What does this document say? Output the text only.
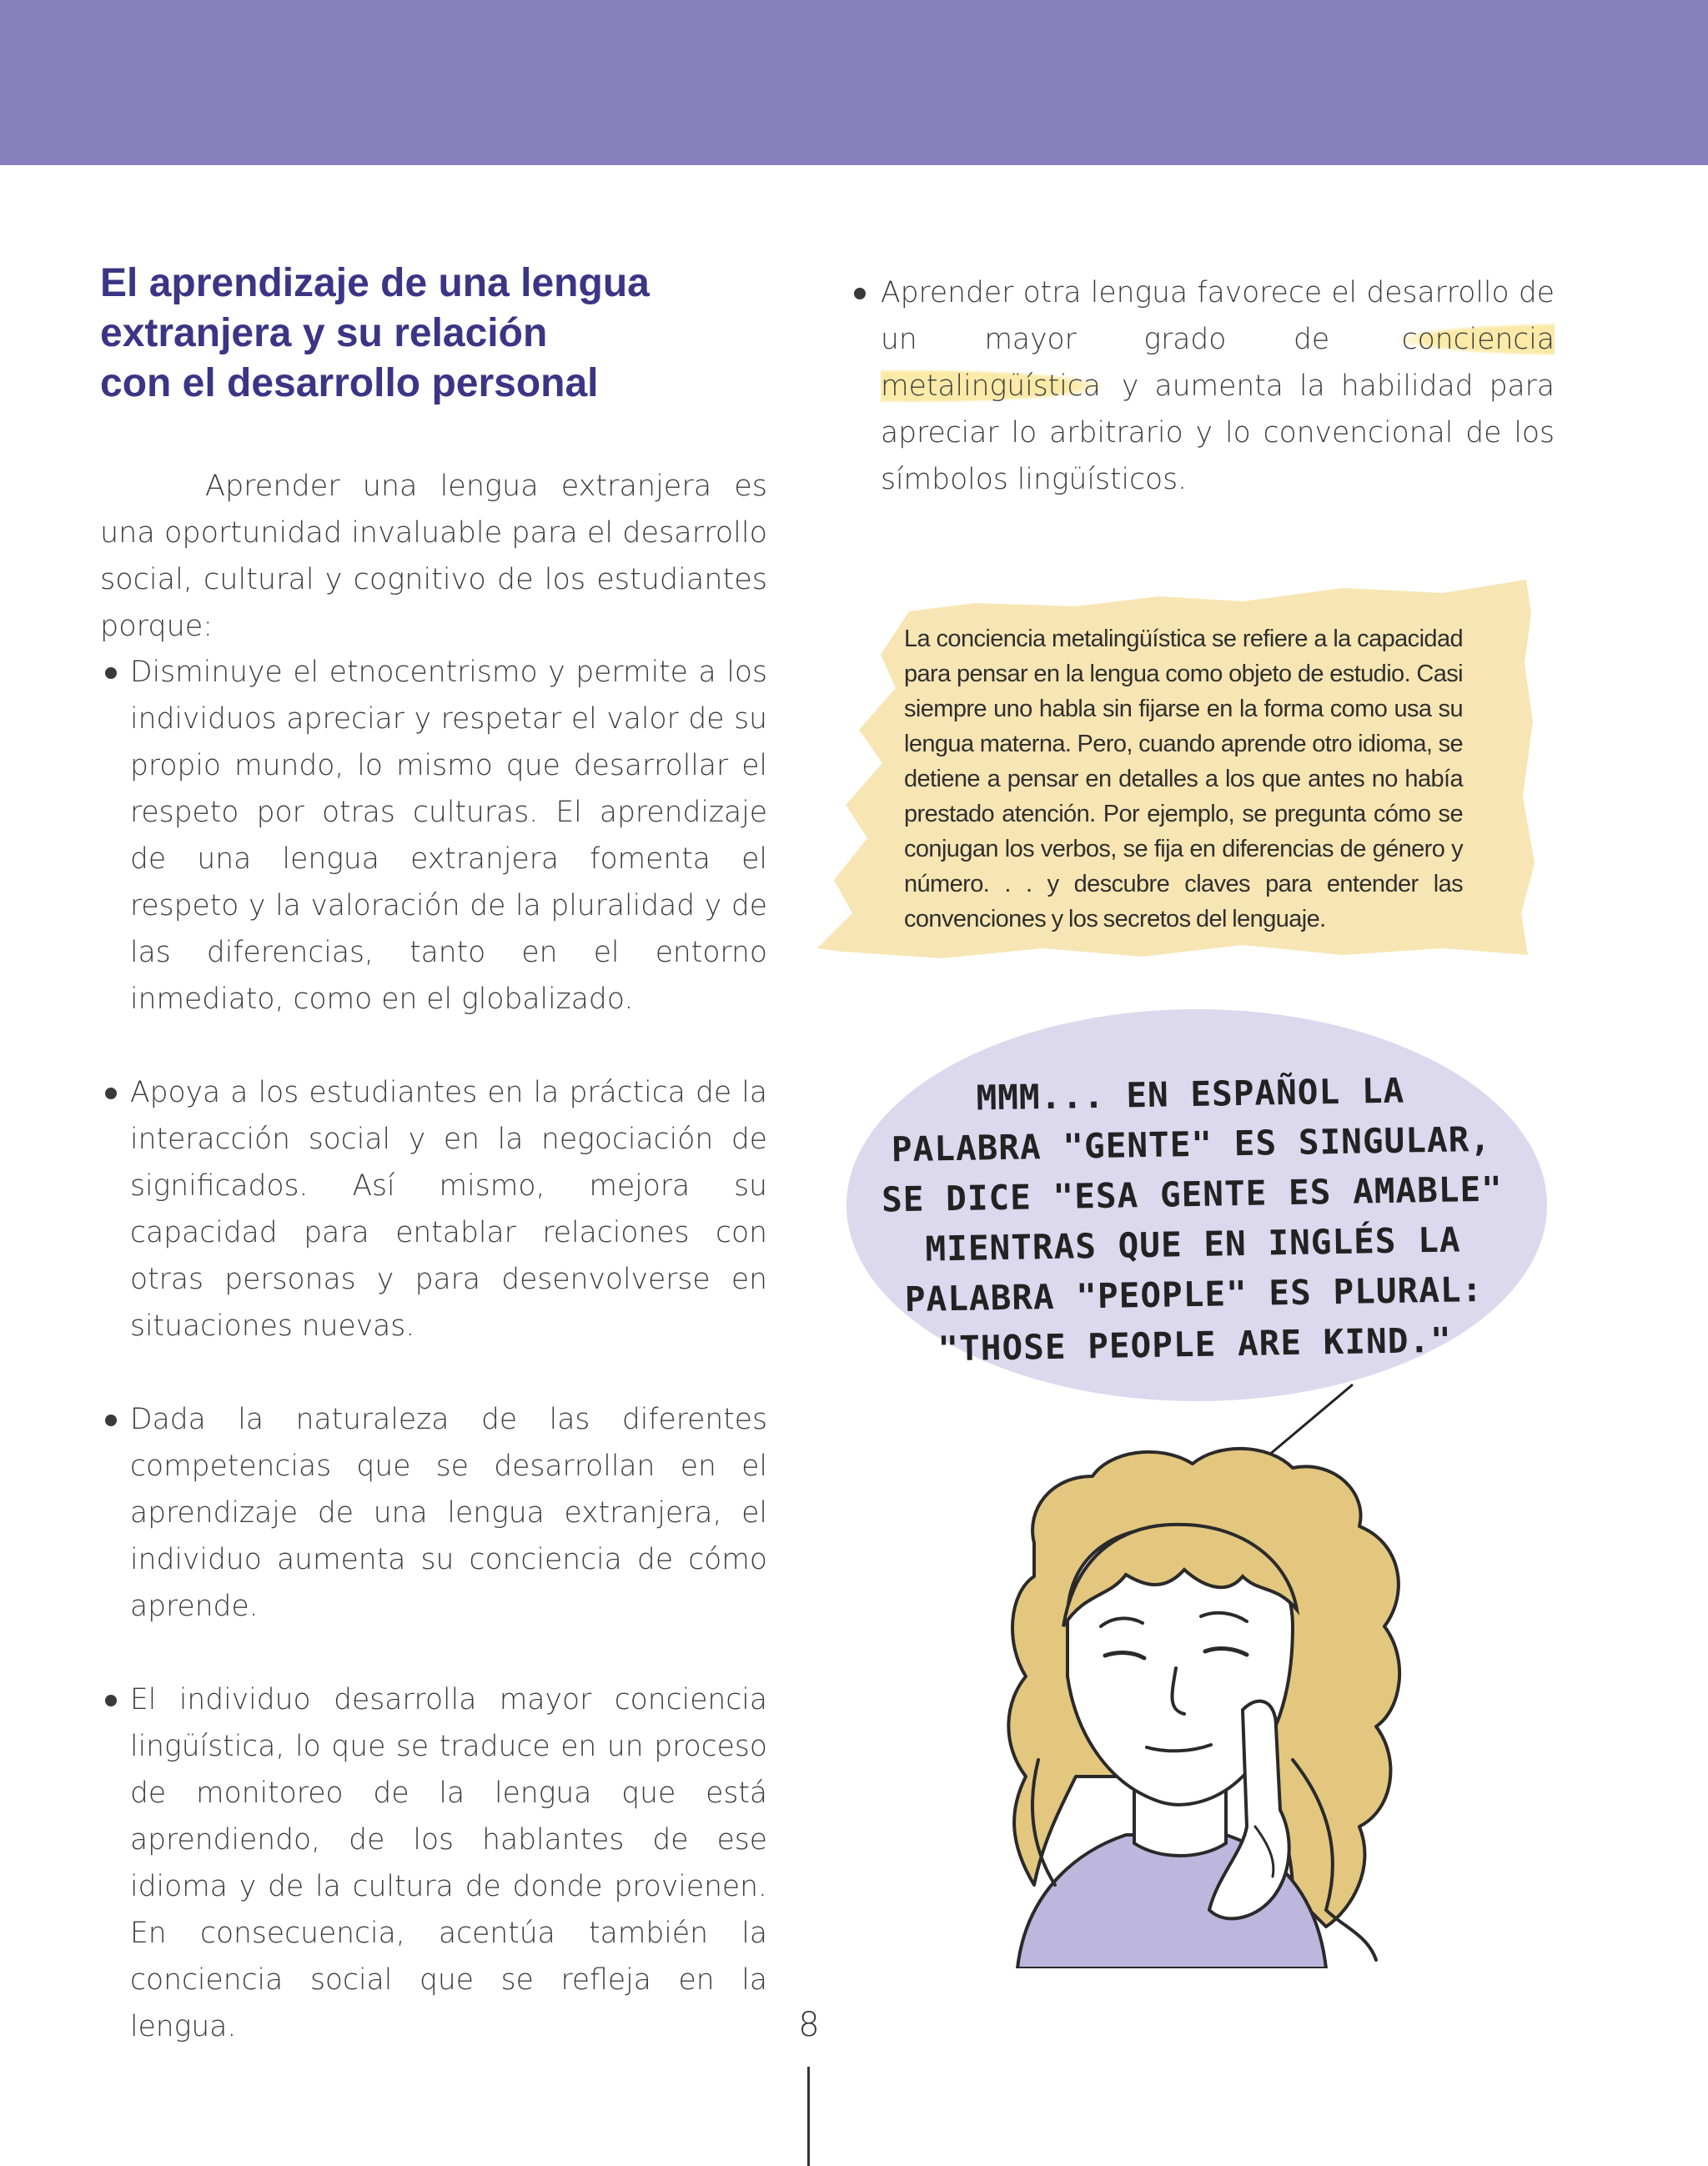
El aprendizaje de una lengua
extranjera y su relación
con el desarrollo personal

Aprender una lengua extranjera es una oportunidad invaluable para el desarrollo social, cultural y cognitivo de los estudiantes porque:

Disminuye el etnocentrismo y permite a los individuos apreciar y respetar el valor de su propio mundo, lo mismo que desarrollar el respeto por otras culturas. El aprendizaje de una lengua extranjera fomenta el respeto y la valoración de la pluralidad y de las diferencias, tanto en el entorno inmediato, como en el globalizado.
Apoya a los estudiantes en la práctica de la interacción social y en la negociación de significados. Así mismo, mejora su capacidad para entablar relaciones con otras personas y para desenvolverse en situaciones nuevas.
Dada la naturaleza de las diferentes competencias que se desarrollan en el aprendizaje de una lengua extranjera, el individuo aumenta su conciencia de cómo aprende.
El individuo desarrolla mayor conciencia lingüística, lo que se traduce en un proceso de monitoreo de la lengua que está aprendiendo, de los hablantes de ese idioma y de la cultura de donde provienen. En consecuencia, acentúa también la conciencia social que se refleja en la lengua.
Aprender otra lengua favorece el desarrollo de un mayor grado de conciencia metalingüística y aumenta la habilidad para apreciar lo arbitrario y lo convencional de los símbolos lingüísticos.

La conciencia metalingüística se refiere a la capacidad para pensar en la lengua como objeto de estudio. Casi siempre uno habla sin fijarse en la forma como usa su lengua materna. Pero, cuando aprende otro idioma, se detiene a pensar en detalles a los que antes no había prestado atención. Por ejemplo, se pregunta cómo se conjugan los verbos, se fija en diferencias de género y número. . . y descubre claves para entender las convenciones y los secretos del lenguaje.

MMM... EN ESPAÑOL LA
PALABRA "GENTE" ES SINGULAR,
SE DICE "ESA GENTE ES AMABLE"
MIENTRAS QUE EN INGLÉS LA
PALABRA "PEOPLE" ES PLURAL:
"THOSE PEOPLE ARE KIND."

8
